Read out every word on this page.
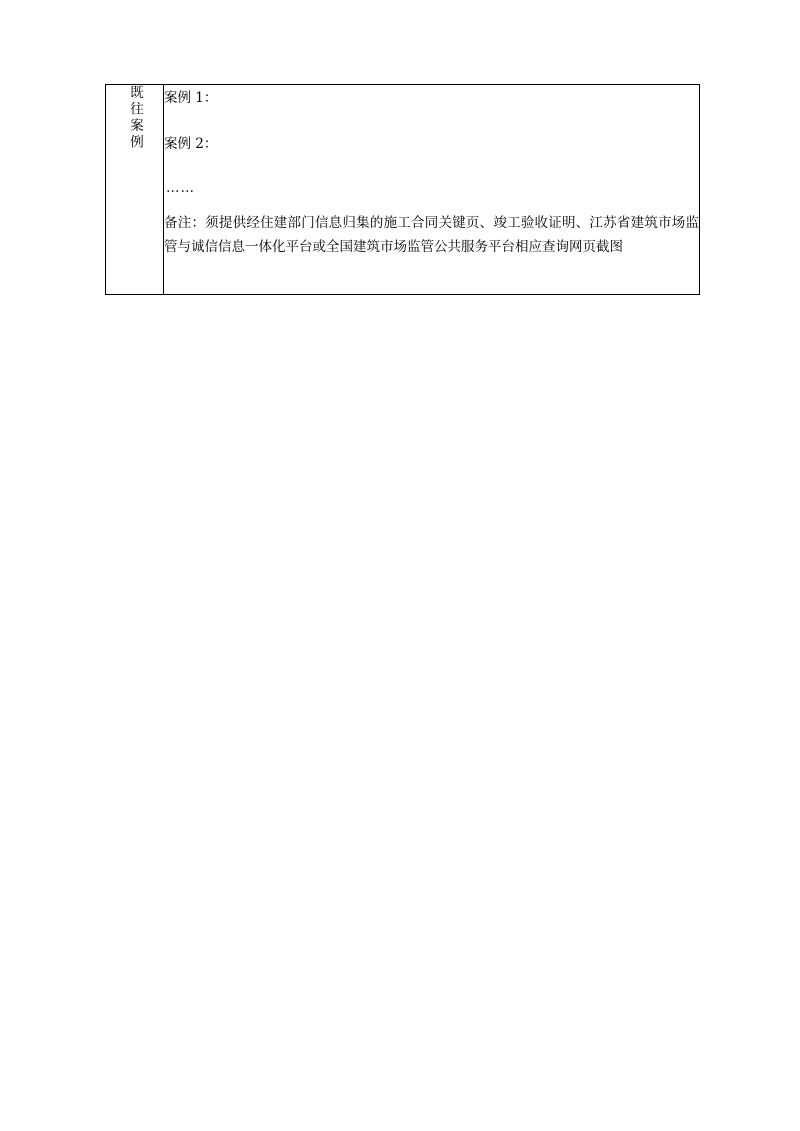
既往案例	案例 1：
案例 2：
……
备注：须提供经住建部门信息归集的施工合同关键页、竣工验收证明、江苏省建筑市场监管与诚信信息一体化平台或全国建筑市场监管公共服务平台相应查询网页截图
